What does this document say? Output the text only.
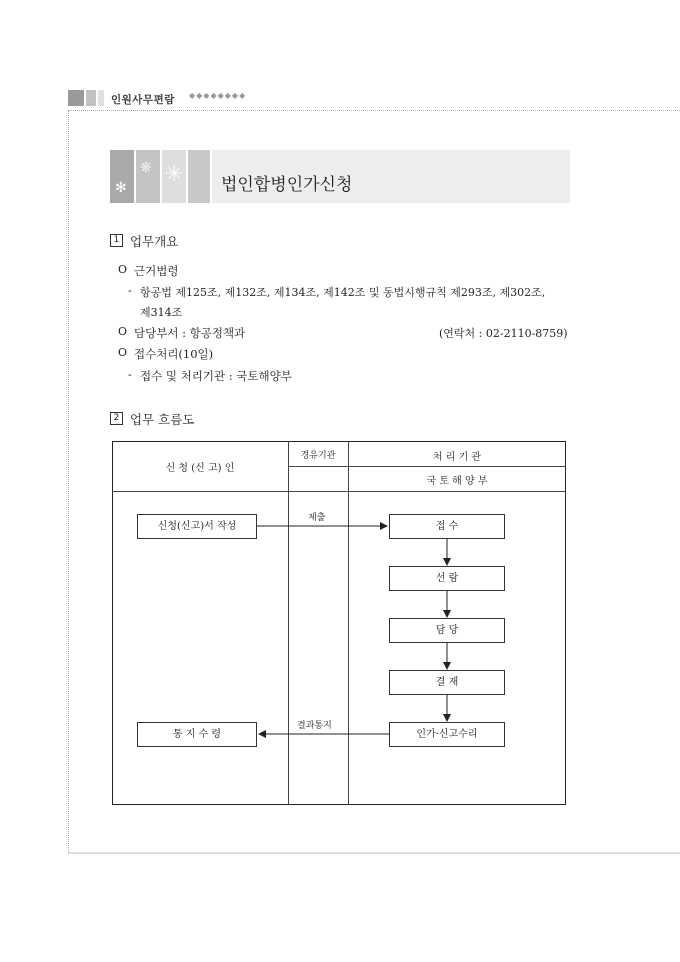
인원사무편람 ◆◆◆◆◆◆◆◆
✻
❋ ✳ 법인합병인가신청
1 업무개요
O 근거법령
- 항공법 제125조, 제132조, 제134조, 제142조 및 동법시행규칙 제293조, 제302조,
제314조
O 담당부서 : 항공정책과	(연락처 : 02-2110-8759)
O 접수처리(10일)
- 접수 및 처리기관 : 국토해양부
2 업무 흐름도
신 청 (신 고) 인
경유기관	처 리 기 관
국 토 해 양 부
신청(신고)서 작성
통 지 수 령
접 수
선 람
담 당
결 재
인가·신고수리
제출
결과통지
